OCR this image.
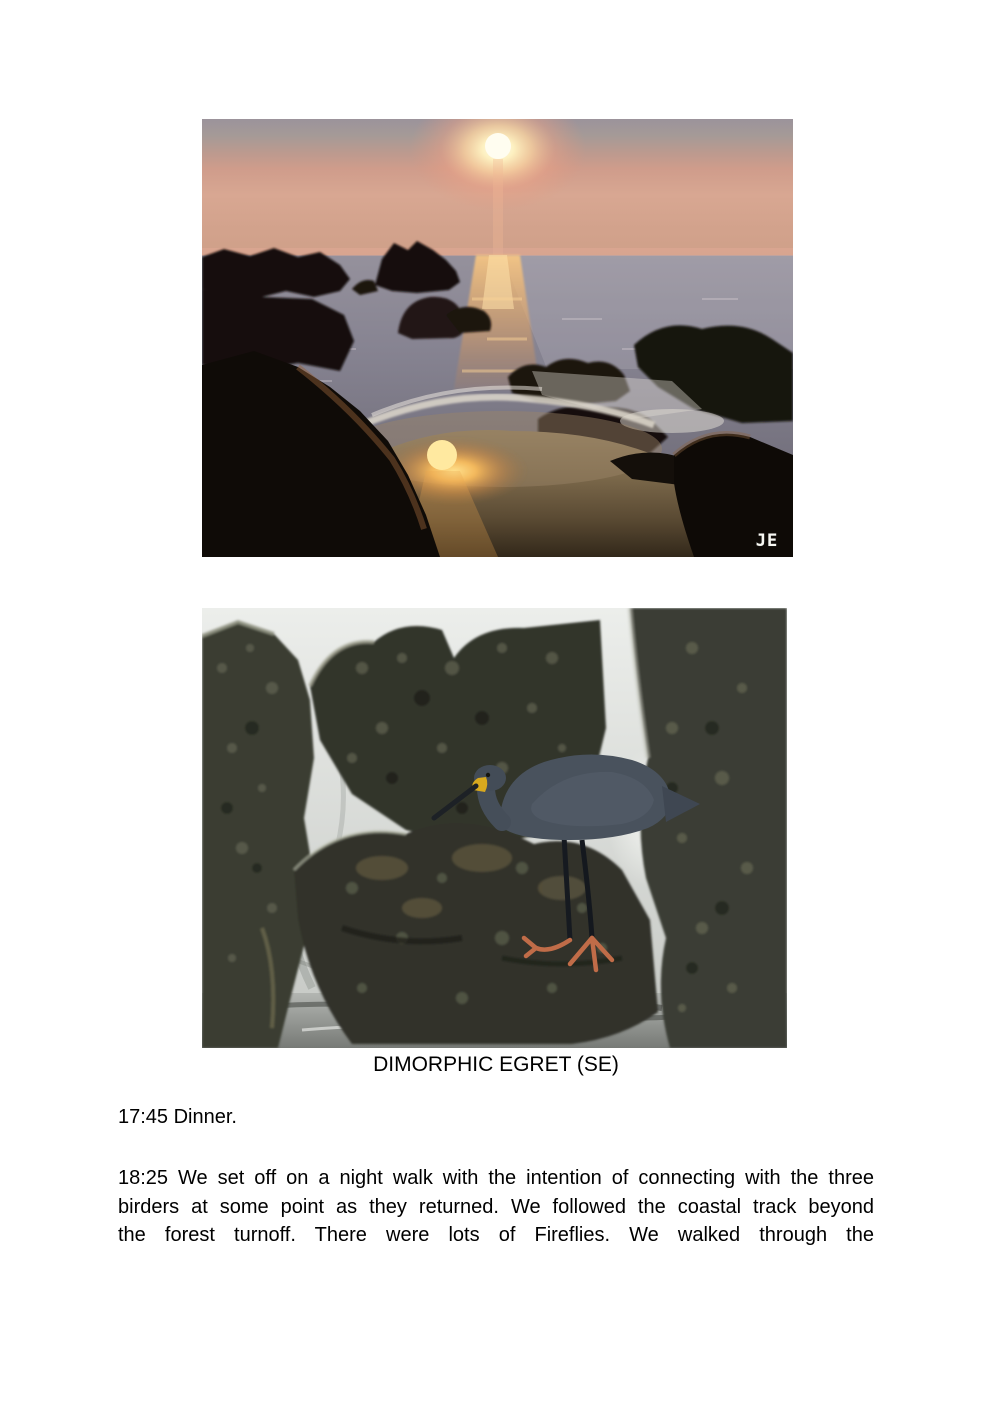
JE
DIMORPHIC EGRET (SE)
17:45 Dinner.
18:25 We set off on a night walk with the intention of connecting with the three
birders at some point as they returned. We followed the coastal track beyond
the forest turnoff. There were lots of Fireflies. We walked through the
